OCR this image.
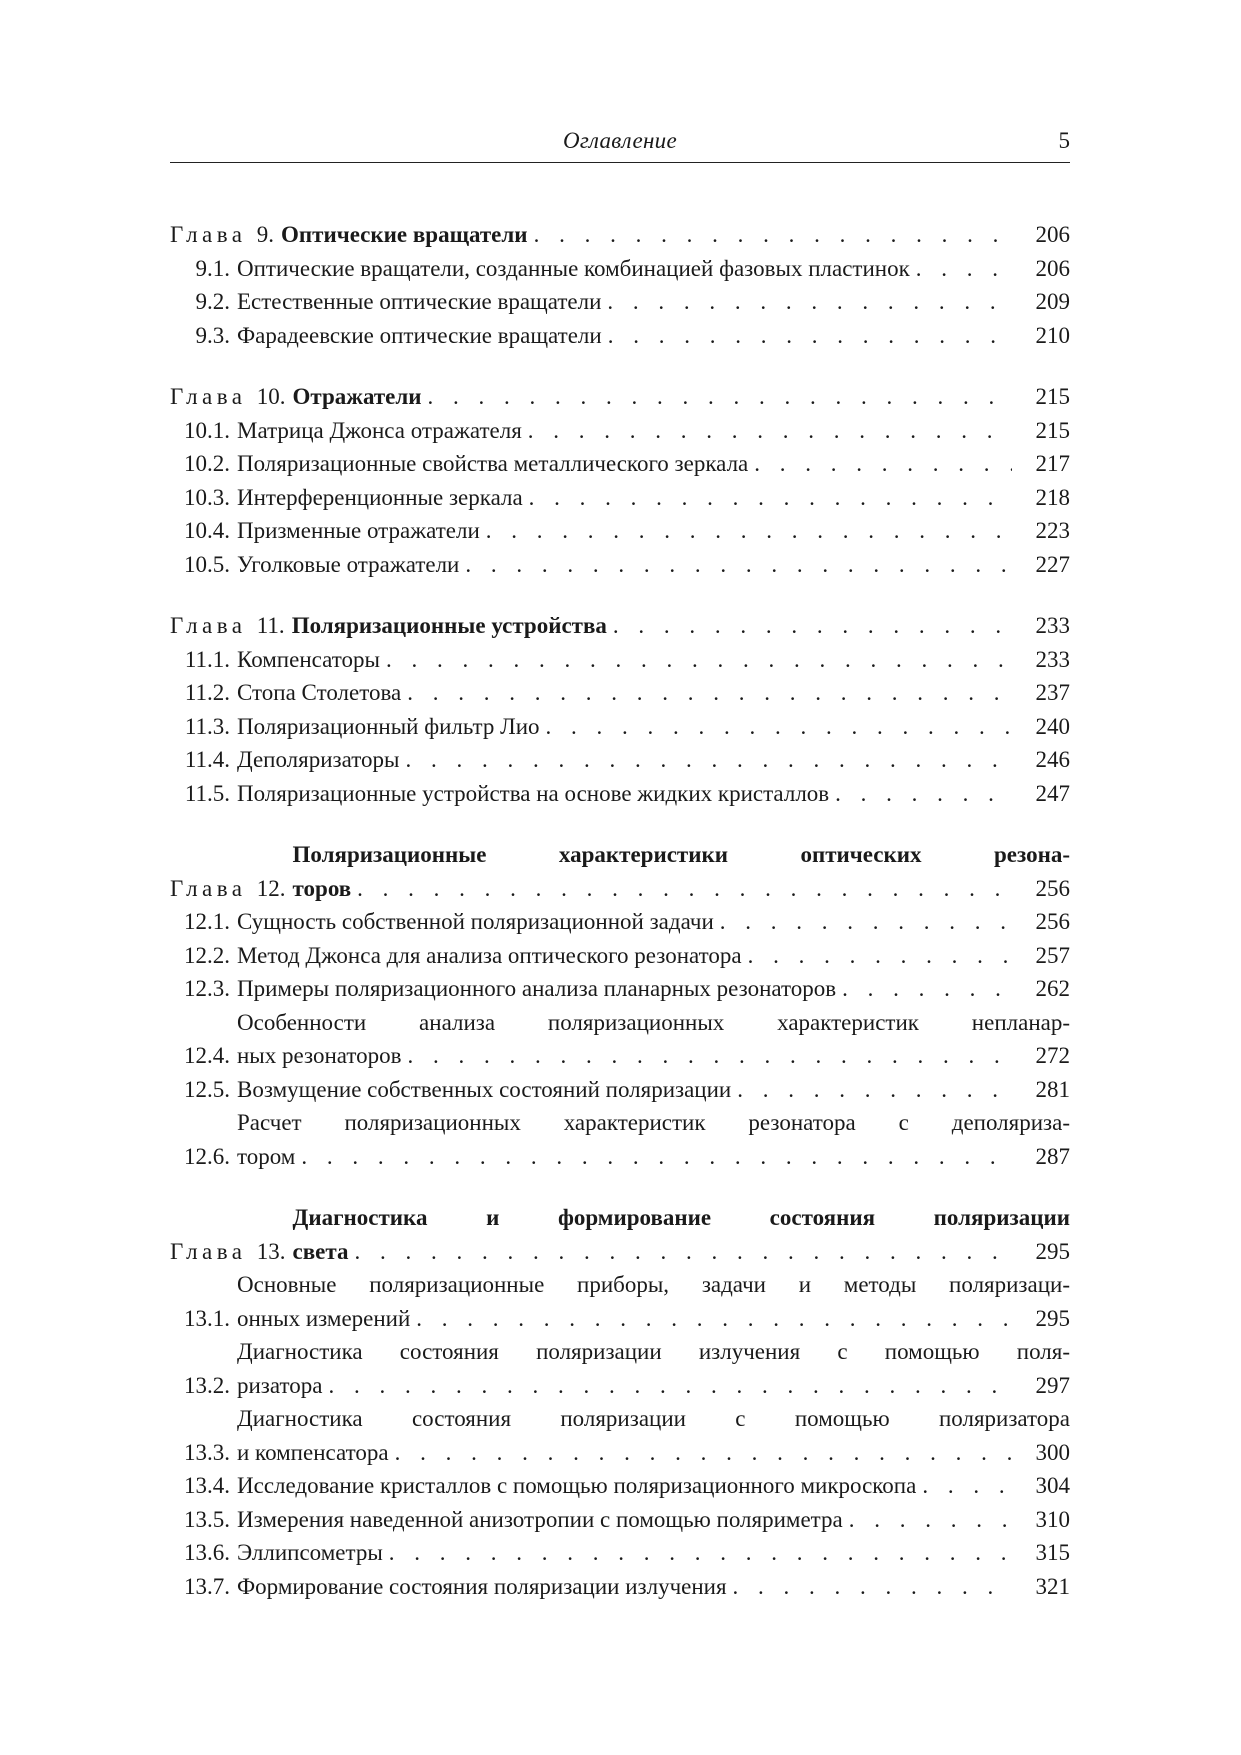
Оглавление	5
Глава 9. Оптические вращатели . . .	206
9.1. Оптические вращатели, созданные комбинацией фазовых пластинок . . .	206
9.2. Естественные оптические вращатели . . .	209
9.3. Фарадеевские оптические вращатели . . .	210
Глава 10. Отражатели . . .	215
10.1. Матрица Джонса отражателя . . .	215
10.2. Поляризационные свойства металлического зеркала . . .	217
10.3. Интерференционные зеркала . . .	218
10.4. Призменные отражатели . . .	223
10.5. Уголковые отражатели . . .	227
Глава 11. Поляризационные устройства . . .	233
11.1. Компенсаторы . . .	233
11.2. Стопа Столетова . . .	237
11.3. Поляризационный фильтр Лио . . .	240
11.4. Деполяризаторы . . .	246
11.5. Поляризационные устройства на основе жидких кристаллов . . .	247
Глава 12.
Поляризационные характеристики оптических резона-
торов . . .	256
12.1. Сущность собственной поляризационной задачи . . .	256
12.2. Метод Джонса для анализа оптического резонатора . . .	257
12.3. Примеры поляризационного анализа планарных резонаторов . . .	262
12.4.
Особенности анализа поляризационных характеристик непланар-
ных резонаторов . . .	272
12.5. Возмущение собственных состояний поляризации . . .	281
12.6.
Расчет поляризационных характеристик резонатора с деполяриза-
тором . . .	287
Глава 13.
Диагностика и формирование состояния поляризации
света . . .	295
13.1.
Основные поляризационные приборы, задачи и методы поляризаци-
онных измерений . . .	295
13.2.
Диагностика состояния поляризации излучения с помощью поля-
ризатора . . .	297
13.3.
Диагностика состояния поляризации с помощью поляризатора
и компенсатора . . .	300
13.4. Исследование кристаллов с помощью поляризационного микроскопа . . .	304
13.5. Измерения наведенной анизотропии с помощью поляриметра . . .	310
13.6. Эллипсометры . . .	315
13.7. Формирование состояния поляризации излучения . . .	321
